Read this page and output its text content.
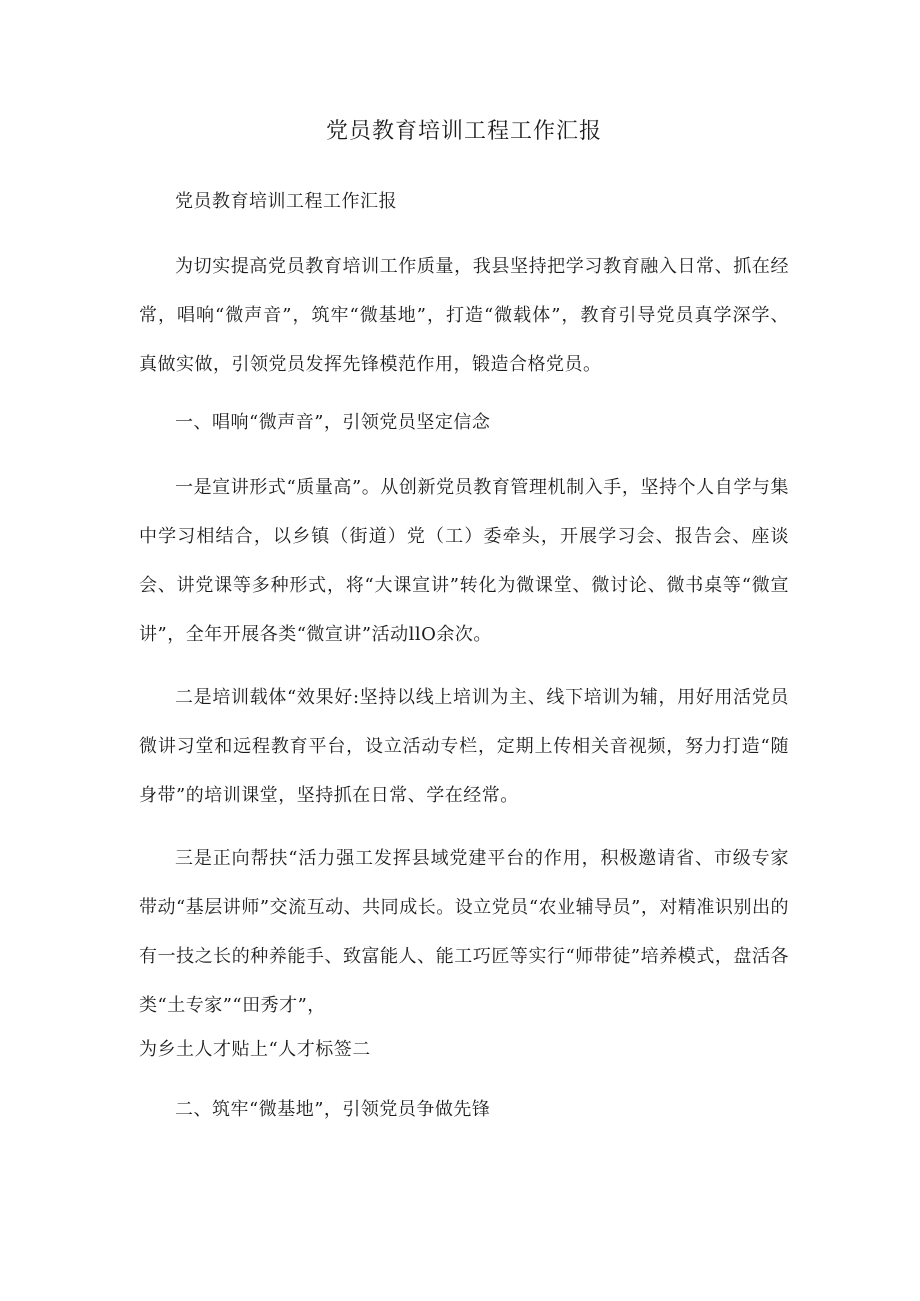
党员教育培训工程工作汇报
党员教育培训工程工作汇报
为切实提高党员教育培训工作质量，我县坚持把学习教育融入日常、抓在经常，唱响“微声音”，筑牢“微基地”，打造“微载体”，教育引导党员真学深学、真做实做，引领党员发挥先锋模范作用，锻造合格党员。
一、唱响“微声音”，引领党员坚定信念
一是宣讲形式“质量高”。从创新党员教育管理机制入手，坚持个人自学与集中学习相结合，以乡镇（街道）党（工）委牵头，开展学习会、报告会、座谈会、讲党课等多种形式，将“大课宣讲”转化为微课堂、微讨论、微书桌等“微宣讲”，全年开展各类“微宣讲”活动llO余次。
二是培训载体“效果好:坚持以线上培训为主、线下培训为辅，用好用活党员微讲习堂和远程教育平台，设立活动专栏，定期上传相关音视频，努力打造“随身带”的培训课堂，坚持抓在日常、学在经常。
三是正向帮扶“活力强工发挥县域党建平台的作用，积极邀请省、市级专家带动“基层讲师”交流互动、共同成长。设立党员“农业辅导员”，对精准识别出的有一技之长的种养能手、致富能人、能工巧匠等实行“师带徒”培养模式，盘活各类“土专家”“田秀才”，
为乡土人才贴上“人才标签二
二、筑牢“微基地”，引领党员争做先锋
